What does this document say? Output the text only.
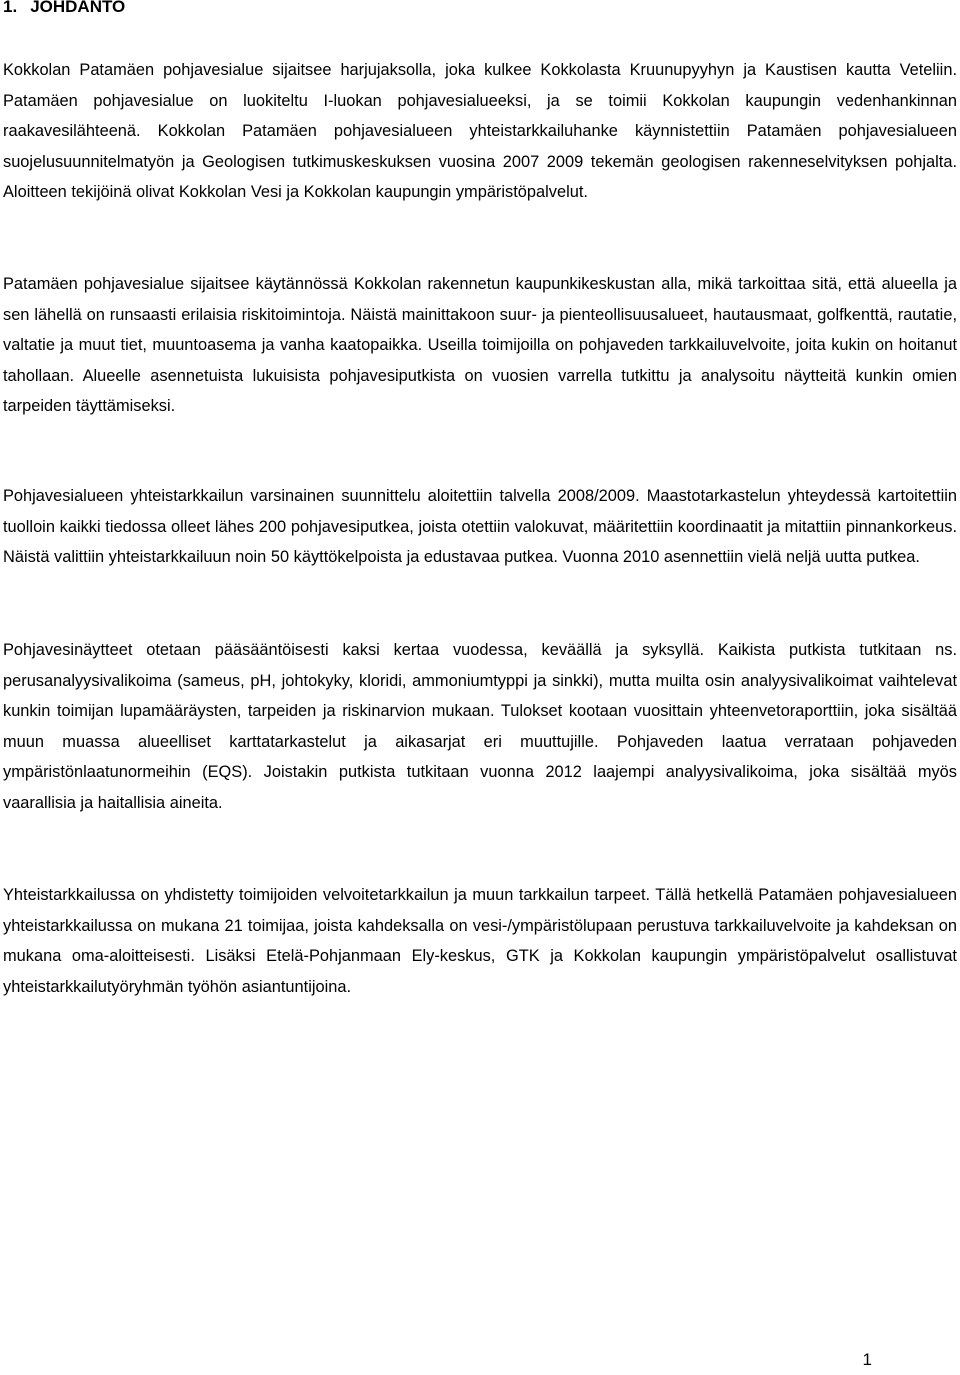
1. JOHDANTO

Kokkolan Patamäen pohjavesialue sijaitsee harjujaksolla, joka kulkee Kokkolasta Kruunupyyhyn ja Kaustisen kautta Veteliin. Patamäen pohjavesialue on luokiteltu I-luokan pohjavesialueeksi, ja se toimii Kokkolan kaupungin vedenhankinnan raakavesilähteenä. Kokkolan Patamäen pohjavesialueen yhteistarkkailuhanke käynnistettiin Patamäen pohjavesialueen suojelusuunnitelmatyön ja Geologisen tutkimuskeskuksen vuosina 2007 2009 tekemän geologisen rakenneselvityksen pohjalta. Aloitteen tekijöinä olivat Kokkolan Vesi ja Kokkolan kaupungin ympäristöpalvelut.

Patamäen pohjavesialue sijaitsee käytännössä Kokkolan rakennetun kaupunkikeskustan alla, mikä tarkoittaa sitä, että alueella ja sen lähellä on runsaasti erilaisia riskitoimintoja. Näistä mainittakoon suur- ja pienteollisuusalueet, hautausmaat, golfkenttä, rautatie, valtatie ja muut tiet, muuntoasema ja vanha kaatopaikka. Useilla toimijoilla on pohjaveden tarkkailuvelvoite, joita kukin on hoitanut tahollaan. Alueelle asennetuista lukuisista pohjavesiputkista on vuosien varrella tutkittu ja analysoitu näytteitä kunkin omien tarpeiden täyttämiseksi.

Pohjavesialueen yhteistarkkailun varsinainen suunnittelu aloitettiin talvella 2008/2009. Maastotarkastelun yhteydessä kartoitettiin tuolloin kaikki tiedossa olleet lähes 200 pohjavesiputkea, joista otettiin valokuvat, määritettiin koordinaatit ja mitattiin pinnankorkeus. Näistä valittiin yhteistarkkailuun noin 50 käyttökelpoista ja edustavaa putkea. Vuonna 2010 asennettiin vielä neljä uutta putkea.

Pohjavesinäytteet otetaan pääsääntöisesti kaksi kertaa vuodessa, keväällä ja syksyllä. Kaikista putkista tutkitaan ns. perusanalyysivalikoima (sameus, pH, johtokyky, kloridi, ammoniumtyppi ja sinkki), mutta muilta osin analyysivalikoimat vaihtelevat kunkin toimijan lupamääräysten, tarpeiden ja riskinarvion mukaan. Tulokset kootaan vuosittain yhteenvetoraporttiin, joka sisältää muun muassa alueelliset karttatarkastelut ja aikasarjat eri muuttujille. Pohjaveden laatua verrataan pohjaveden ympäristönlaatunormeihin (EQS). Joistakin putkista tutkitaan vuonna 2012 laajempi analyysivalikoima, joka sisältää myös vaarallisia ja haitallisia aineita.

Yhteistarkkailussa on yhdistetty toimijoiden velvoitetarkkailun ja muun tarkkailun tarpeet. Tällä hetkellä Patamäen pohjavesialueen yhteistarkkailussa on mukana 21 toimijaa, joista kahdeksalla on vesi-/ympäristölupaan perustuva tarkkailuvelvoite ja kahdeksan on mukana oma-aloitteisesti. Lisäksi Etelä-Pohjanmaan Ely-keskus, GTK ja Kokkolan kaupungin ympäristöpalvelut osallistuvat yhteistarkkailutyöryhmän työhön asiantuntijoina.

1
